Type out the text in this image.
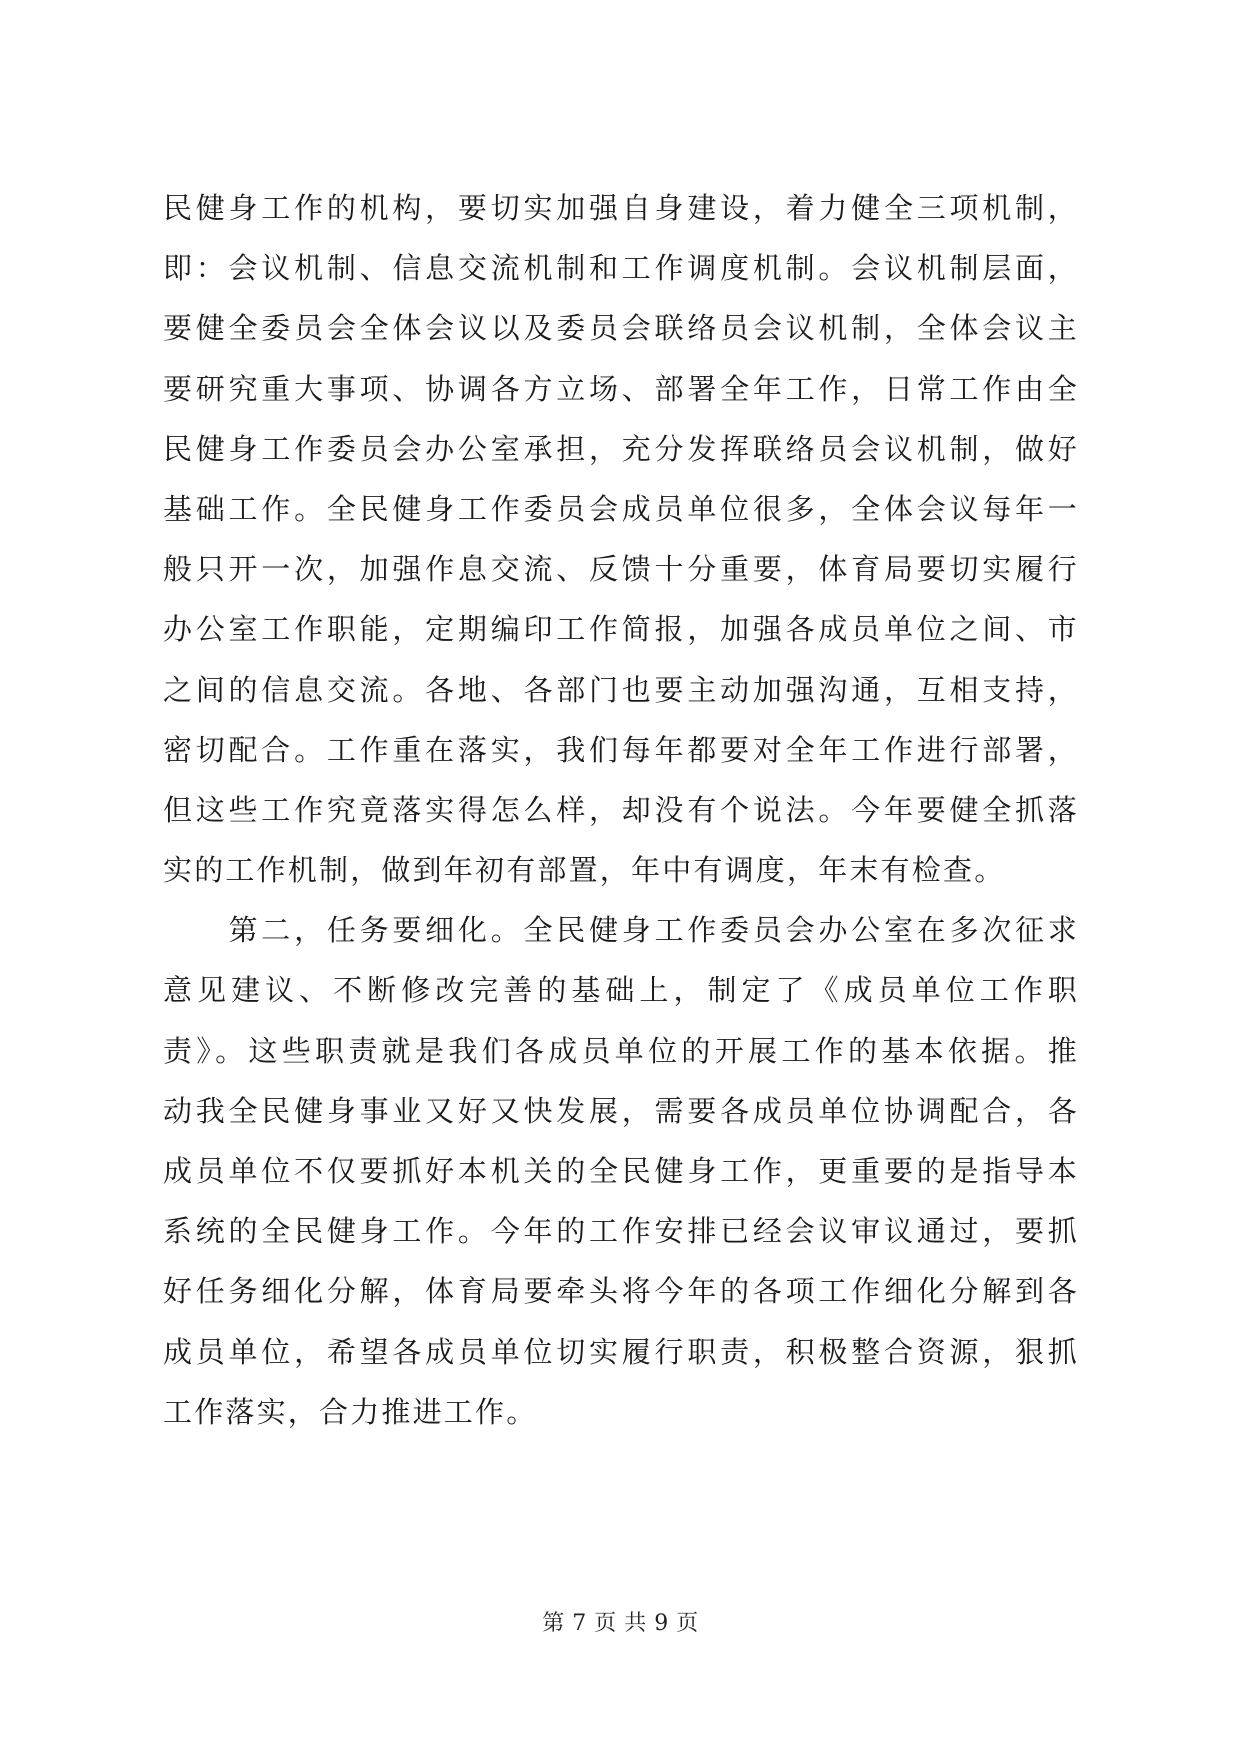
民健身工作的机构，要切实加强自身建设，着力健全三项机制，
即：会议机制、信息交流机制和工作调度机制。会议机制层面，
要健全委员会全体会议以及委员会联络员会议机制，全体会议主
要研究重大事项、协调各方立场、部署全年工作，日常工作由全
民健身工作委员会办公室承担，充分发挥联络员会议机制，做好
基础工作。全民健身工作委员会成员单位很多，全体会议每年一
般只开一次，加强作息交流、反馈十分重要，体育局要切实履行
办公室工作职能，定期编印工作简报，加强各成员单位之间、市
之间的信息交流。各地、各部门也要主动加强沟通，互相支持，
密切配合。工作重在落实，我们每年都要对全年工作进行部署，
但这些工作究竟落实得怎么样，却没有个说法。今年要健全抓落
实的工作机制，做到年初有部置，年中有调度，年末有检查。
　　第二，任务要细化。全民健身工作委员会办公室在多次征求
意见建议、不断修改完善的基础上，制定了《成员单位工作职
责》。这些职责就是我们各成员单位的开展工作的基本依据。推
动我全民健身事业又好又快发展，需要各成员单位协调配合，各
成员单位不仅要抓好本机关的全民健身工作，更重要的是指导本
系统的全民健身工作。今年的工作安排已经会议审议通过，要抓
好任务细化分解，体育局要牵头将今年的各项工作细化分解到各
成员单位，希望各成员单位切实履行职责，积极整合资源，狠抓
工作落实，合力推进工作。
第 7 页 共 9 页
